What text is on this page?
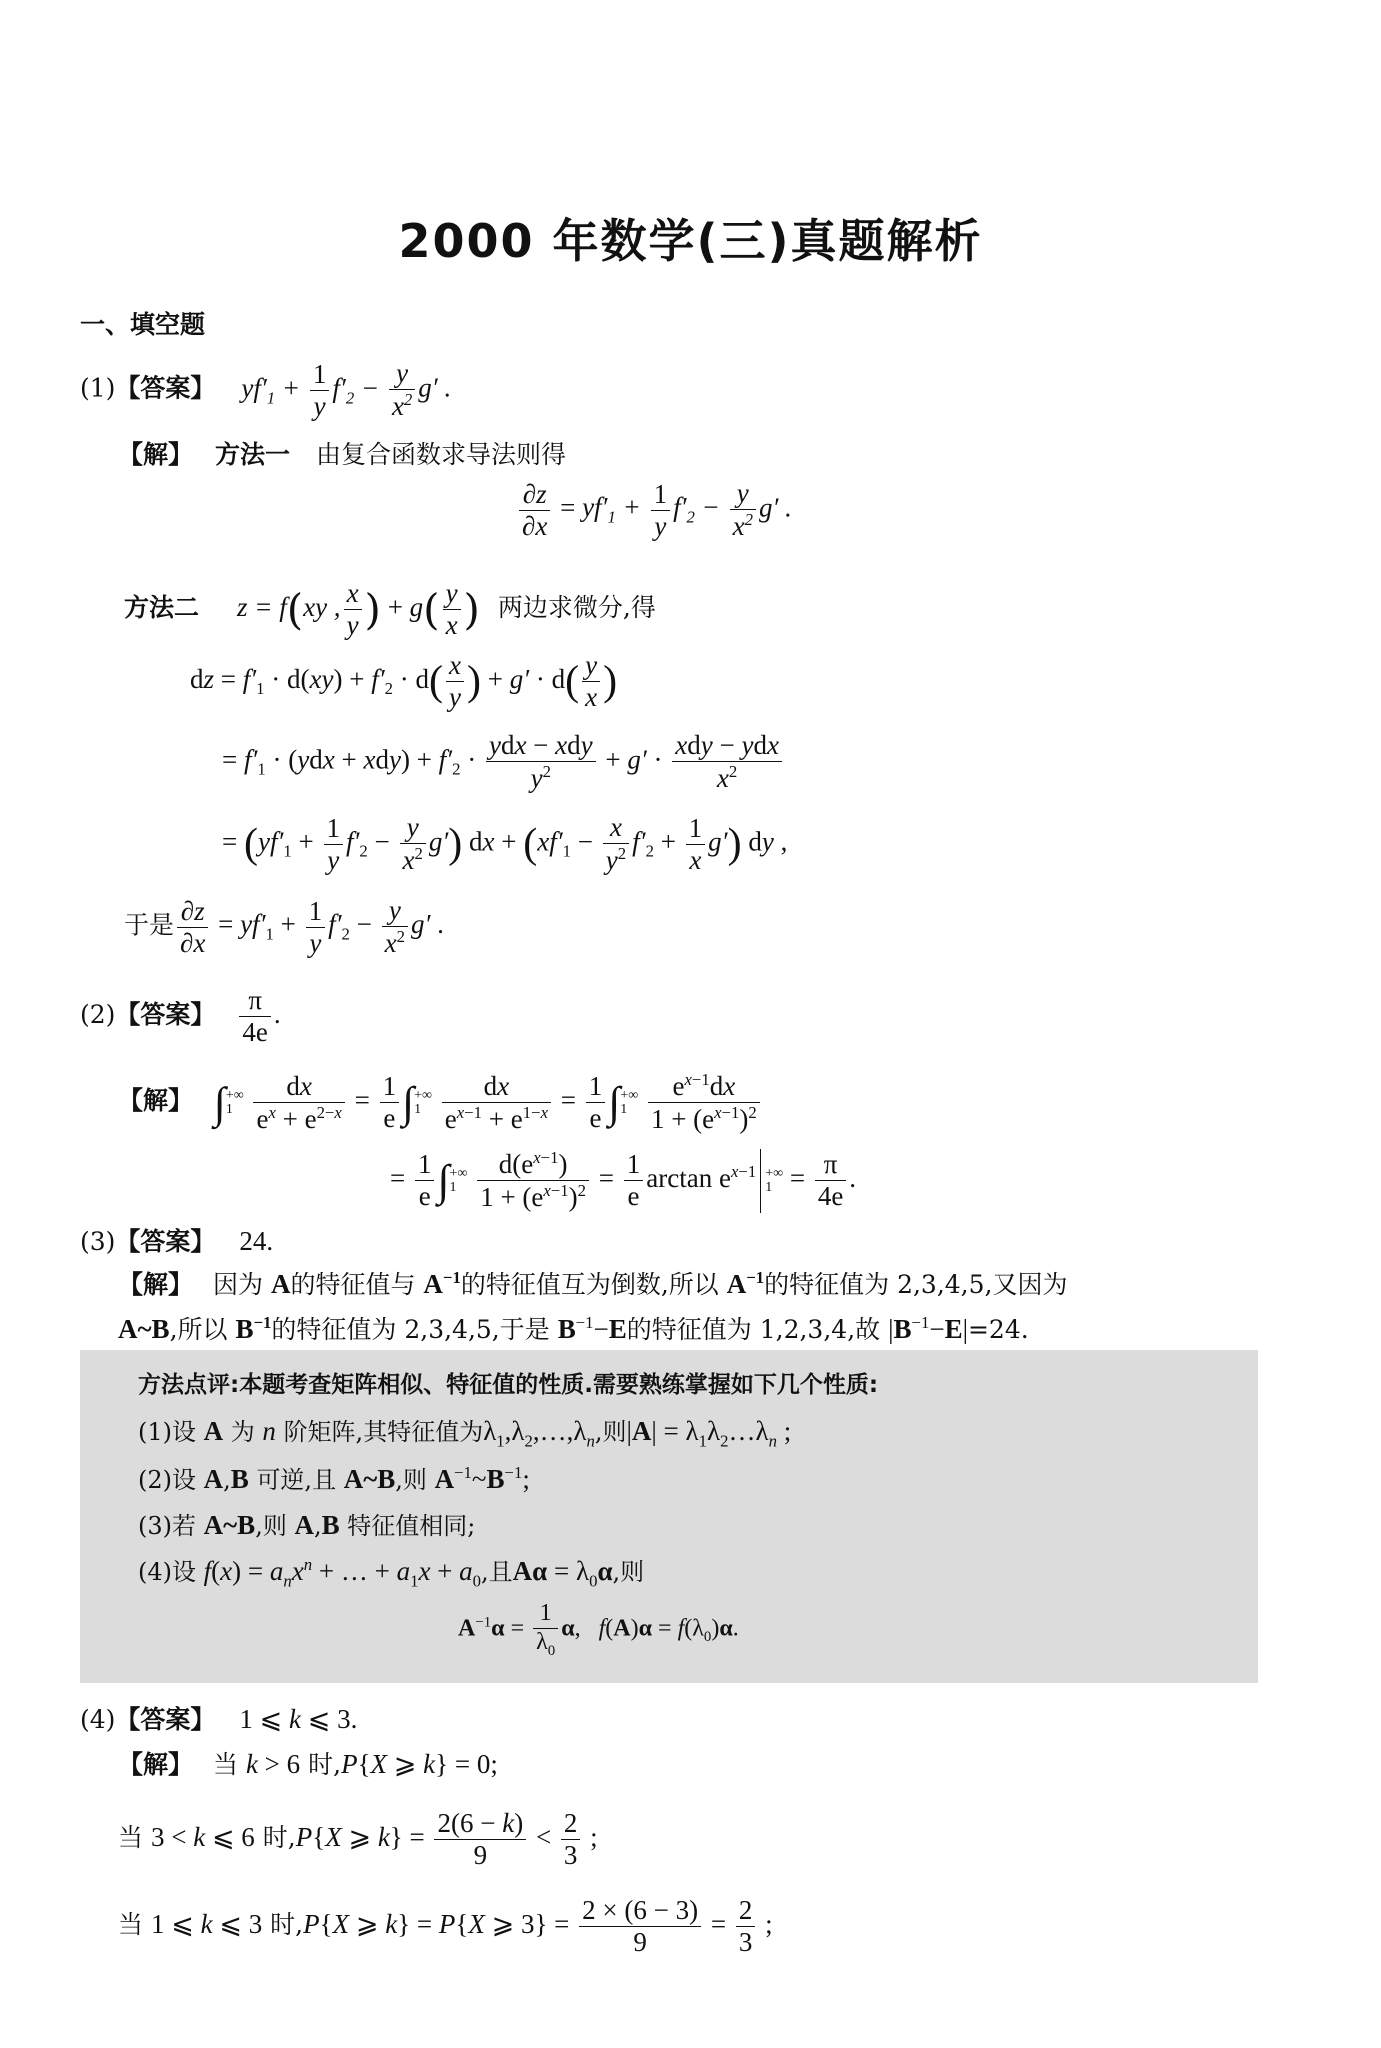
2000 年数学(三)真题解析
一、填空题
(1)【答案】 $yf'_1 + \frac{1}{y} f'_2 - \frac{y}{x^2} g'$ .
【解】 方法一 由复合函数求导法则得
$\frac{\partial z}{\partial x} = yf'_1 + \frac{1}{y} f'_2 - \frac{y}{x^2} g'$ .
方法二 z = f(xy , $\frac{x}{y}$ ) + $g( \frac{y}{x}$ ) 两边求微分,得
dz = $f'_1 \cdot d(xy) + f'_2 \cdot d( \frac{x}{y}$ ) + $g' \cdot d( \frac{y}{x}$ )
= $f'_1 \cdot (ydx + xdy) + f'_2 \cdot \frac{\text{ydx − xdy}}{y^2} + g' \cdot \frac{\text{xdy − ydx}}{x^2}$
= $(yf'_1 + \frac{1}{y} f'_2 - \frac{y}{x^2} g')$ dx + $(xf'_1 - \frac{x}{y^2} f'_2 + \frac{1}{x} g')$ dy ,
于是 $\frac{\partial z}{\partial x} = yf'_1 + \frac{1}{y} f'_2 - \frac{y}{x^2} g'$ .
(2)【答案】 $\frac{\pi}{4e}$ .
【解】 ∫ +∞
1
$\frac{dx}{e^x + e^{2-x}} = \frac{1}{e}$ ∫ +∞
1
$\frac{dx}{e^{x-1} + e^{1-x}} = \frac{1}{e}$ ∫ +∞
1
$\frac{e^{x-1}dx}{1 + (e^{x-1})^2}$
= $\frac{1}{e}$ ∫ +∞
1
$\frac{d(e^{x-1})}{1 + (e^{x-1})^2} = \frac{1}{e}$ $\arctan e^{x-1}$ +∞
$1 = \frac{\pi}{4e}$ .
(3)【答案】 24.
【解】 因为 A的特征值与 $A^{-1}$的特征值互为倒数,所以 $A^{-1}$的特征值为 2,3,4,5,又因为
A~B,所以 $B^{-1}$的特征值为 2,3,4,5,于是 $B^{-1}-E$的特征值为 1,2,3,4,故 $|B^{-1}-E|=24$.
方法点评:本题考查矩阵相似、特征值的性质.需要熟练掌握如下几个性质:
(1)设 A 为 n 阶矩阵,其特征值为$\lambda_1,\lambda_2,\dots,\lambda_n$,则$|A| = \lambda_1\lambda_2\dots\lambda_n$ ;
(2)设 A,B 可逆,且 A~B,则 $A^{-1}\sim B^{-1}$;
(3)若 A~B,则 A,B 特征值相同;
(4)设 $f(x) = a_nx^n$ + … + $a_1x + a_0$,且$A\alpha = \lambda_0\alpha$,则
$A^{-1}\alpha = \frac{1}{\lambda_0} \alpha$,   $f(A)\alpha = f(\lambda_0)\alpha$.
(4)【答案】 1 ⩽ k ⩽ 3.
【解】 当 k > 6 时,P{X ⩾ k} = 0;
当 3 < k ⩽ 6 时,P{X ⩾ $k\} = \frac{2(6 - k)}{9} < \frac{2}{3}$ ;
当 1 ⩽ k ⩽ 3 时,P{X ⩾ k} = P{X ⩾ $3\} = \frac{2 \times (6 - 3)}{9} = \frac{2}{3}$ ;
